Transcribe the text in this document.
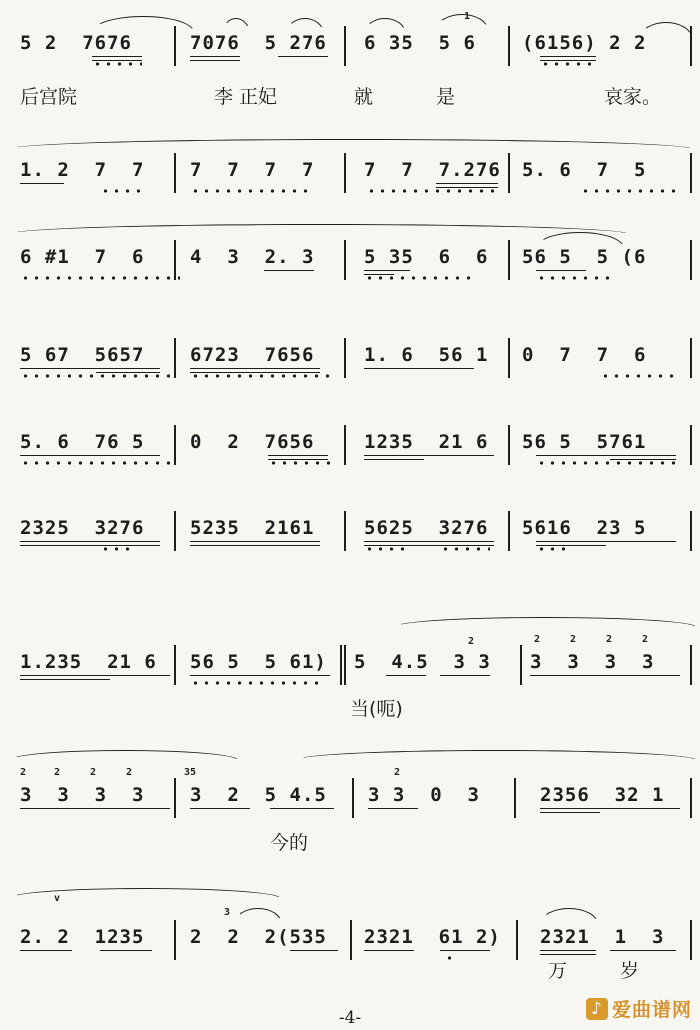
1
5 2  7676	7076  5 276 6 35  5 6 (6156) 2 2
后宫院	李 正妃	就	是	哀家。
1. 2  7  7 7  7  7  7	7  7  7.276 5. 6  7  5
6 #1  7  6 4  3  2. 3	5 35  6  6 56 5  5 (6
5 67  5657 6723  7656	1. 6  56 1 0  7  7  6
5. 6  76 5 0  2  7656	1235  21 6 56 5  5761
2325  3276 5235  2161	5625  3276 5616  23 5
2	2	2	2	2
1.235  21 6 56 5  5 61) 5  4.5  3 3 3  3  3  3
当(呃)
2	2	2	2	35	2
3  3  3  3 3  2  5 4.5 3 3  0  3	2356  32 1
今的
v
3
2. 2  1235 2  2  2(535 2321  61 2) 2321  1  3
万	岁
-4-
♪	爱曲谱网
